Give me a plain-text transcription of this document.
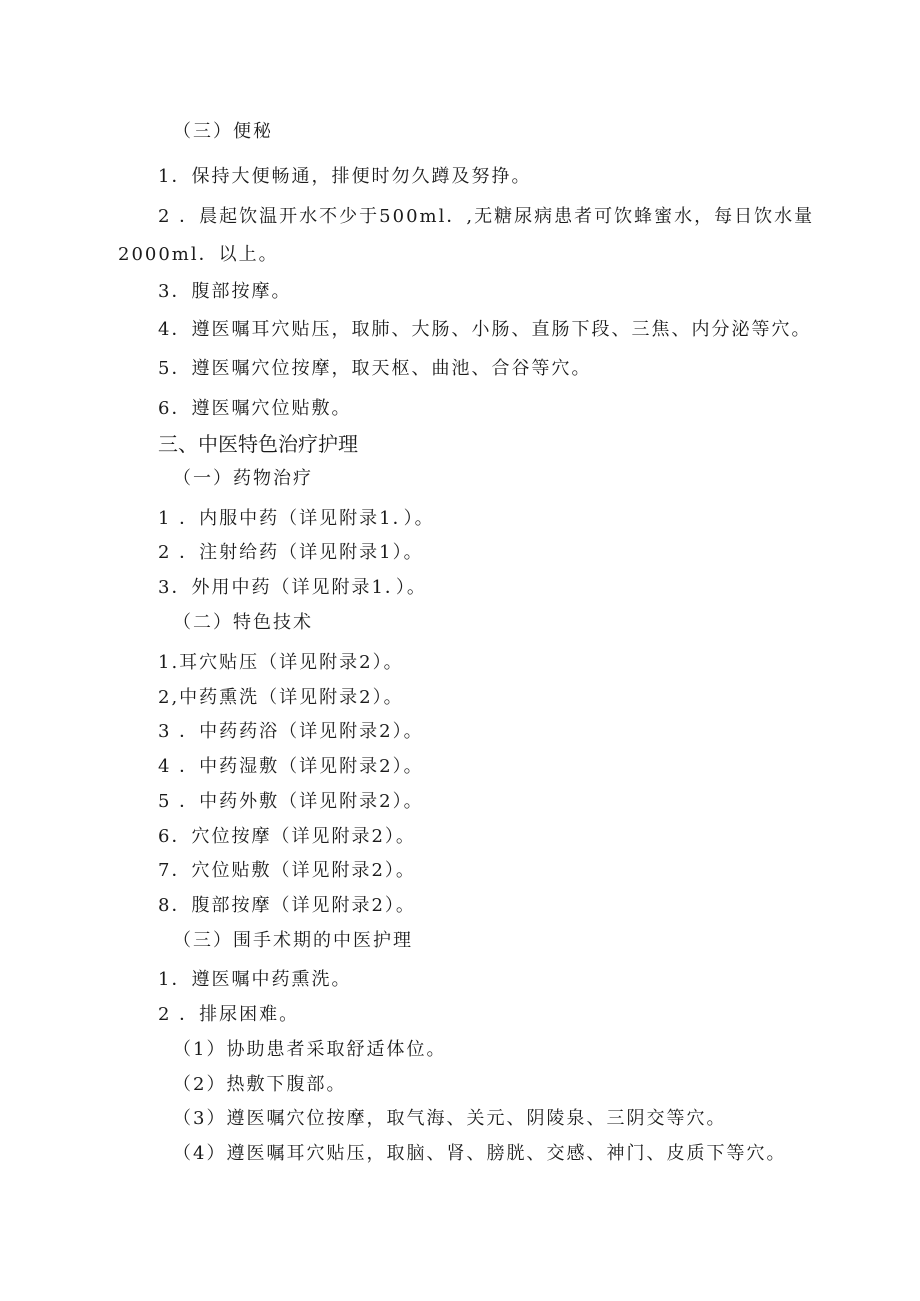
（三）便秘
1．保持大便畅通，排便时勿久蹲及努挣。
2 ．晨起饮温开水不少于500ml．,无糖尿病患者可饮蜂蜜水，每日饮水量2000ml．以上。
3．腹部按摩。
4．遵医嘱耳穴贴压，取肺、大肠、小肠、直肠下段、三焦、内分泌等穴。
5．遵医嘱穴位按摩，取天枢、曲池、合谷等穴。
6．遵医嘱穴位贴敷。
三、中医特色治疗护理
（一）药物治疗
1 ．内服中药（详见附录1．）。
2 ．注射给药（详见附录1）。
3．外用中药（详见附录1．）。
（二）特色技术
1.耳穴贴压（详见附录2）。
2,中药熏洗（详见附录2）。
3 ．中药药浴（详见附录2）。
4 ．中药湿敷（详见附录2）。
5 ．中药外敷（详见附录2）。
6．穴位按摩（详见附录2）。
7．穴位贴敷（详见附录2）。
8．腹部按摩（详见附录2）。
（三）围手术期的中医护理
1．遵医嘱中药熏洗。
2 ．排尿困难。
（1）协助患者采取舒适体位。
（2）热敷下腹部。
（3）遵医嘱穴位按摩，取气海、关元、阴陵泉、三阴交等穴。
（4）遵医嘱耳穴贴压，取脑、肾、膀胱、交感、神门、皮质下等穴。
